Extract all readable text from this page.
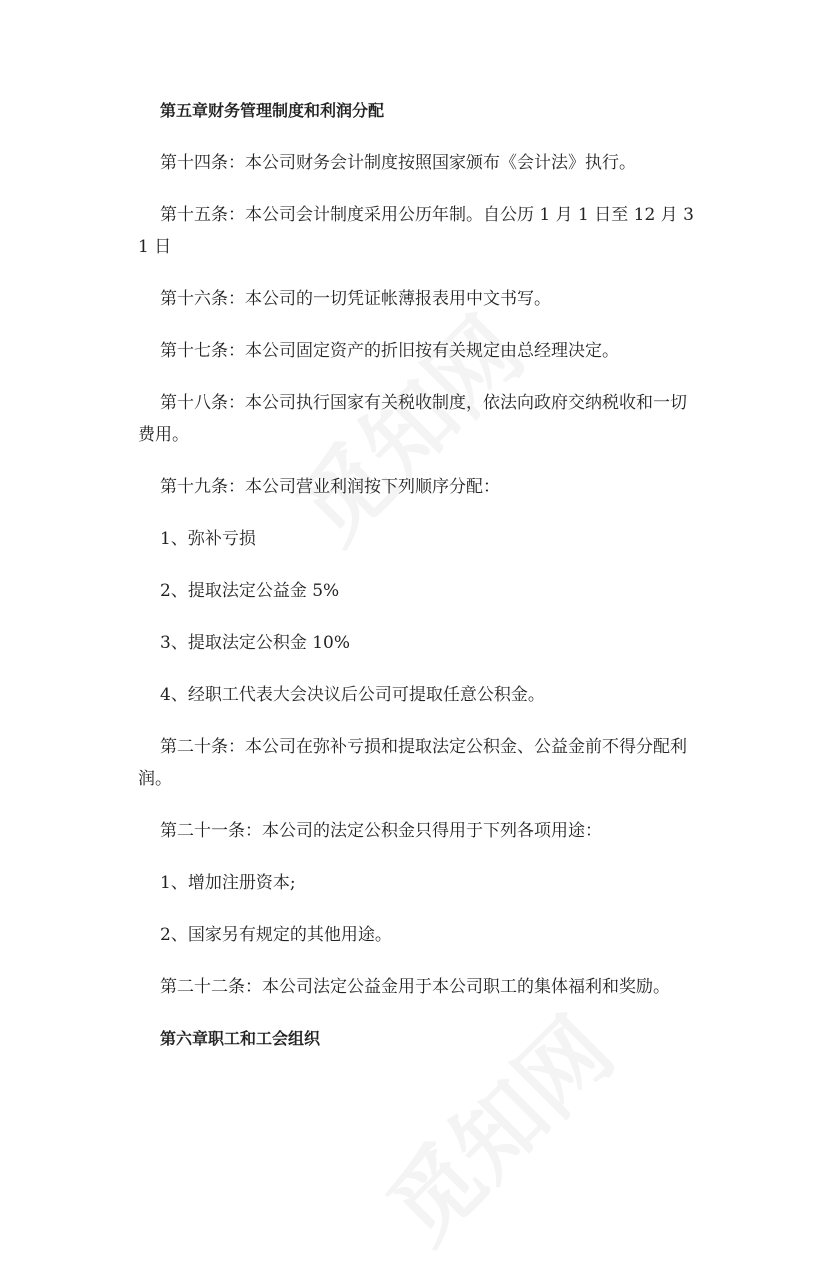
第五章财务管理制度和利润分配

第十四条：本公司财务会计制度按照国家颁布《会计法》执行。

第十五条：本公司会计制度采用公历年制。自公历 1 月 1 日至 12 月 31 日

第十六条：本公司的一切凭证帐薄报表用中文书写。

第十七条：本公司固定资产的折旧按有关规定由总经理决定。

第十八条：本公司执行国家有关税收制度，依法向政府交纳税收和一切费用。

第十九条：本公司营业利润按下列顺序分配：

1、弥补亏损

2、提取法定公益金 5%

3、提取法定公积金 10%

4、经职工代表大会决议后公司可提取任意公积金。

第二十条：本公司在弥补亏损和提取法定公积金、公益金前不得分配利润。

第二十一条：本公司的法定公积金只得用于下列各项用途：

1、增加注册资本;

2、国家另有规定的其他用途。

第二十二条：本公司法定公益金用于本公司职工的集体福利和奖励。

第六章职工和工会组织
